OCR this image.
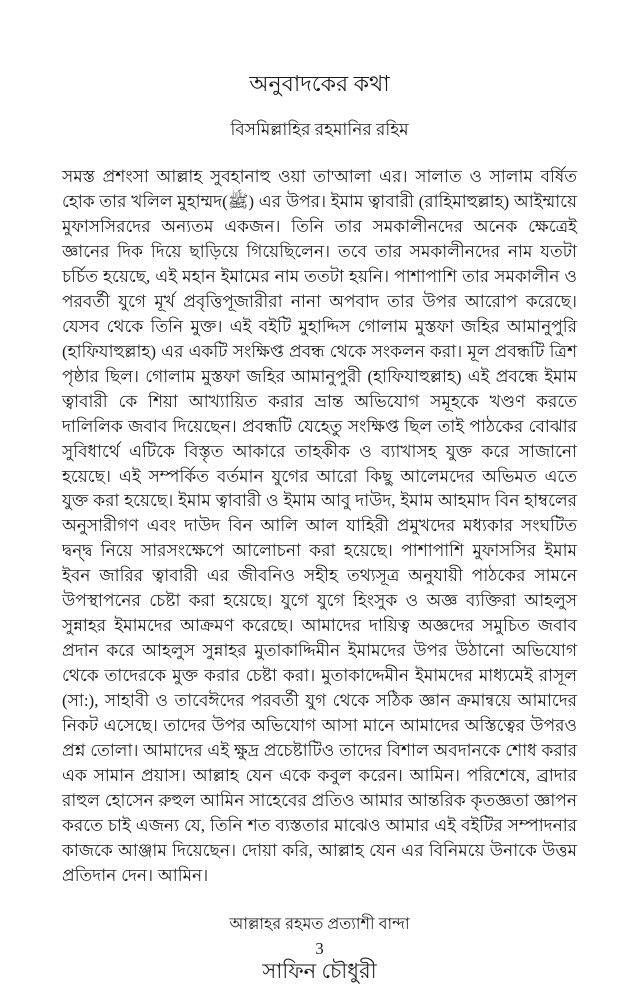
অনুবাদকের কথা
বিসমিল্লাহির রহমানির রহিম

সমস্ত প্রশংসা আল্লাহ সুবহানাহু ওয়া তা'আলা এর। সালাত ও সালাম বর্ষিত হোক তার খলিল মুহাম্মদ(ﷺ) এর উপর। ইমাম ত্বাবারী (রাহিমাহুল্লাহ) আইম্মায়ে মুফাসসিরদের অন্যতম একজন। তিনি তার সমকালীনদের অনেক ক্ষেত্রেই জ্ঞানের দিক দিয়ে ছাড়িয়ে গিয়েছিলেন। তবে তার সমকালীনদের নাম যতটা চর্চিত হয়েছে, এই মহান ইমামের নাম ততটা হয়নি। পাশাপাশি তার সমকালীন ও পরবর্তী যুগে মূর্খ প্রবৃত্তিপূজারীরা নানা অপবাদ তার উপর আরোপ করেছে। যেসব থেকে তিনি মুক্ত। এই বইটি মুহাদ্দিস গোলাম মুস্তফা জহির আমানুপুরি (হাফিযাহুল্লাহ) এর একটি সংক্ষিপ্ত প্রবন্ধ থেকে সংকলন করা। মূল প্রবন্ধটি ত্রিশ পৃষ্ঠার ছিল। গোলাম মুস্তফা জহির আমানুপুরী (হাফিযাহুল্লাহ) এই প্রবন্ধে ইমাম ত্বাবারী কে শিয়া আখ্যায়িত করার ভ্রান্ত অভিযোগ সমূহকে খণ্ডণ করতে দালিলিক জবাব দিয়েছেন। প্রবন্ধটি যেহেতু সংক্ষিপ্ত ছিল তাই পাঠকের বোঝার সুবিধার্থে এটিকে বিস্তৃত আকারে তাহকীক ও ব্যাখাসহ যুক্ত করে সাজানো হয়েছে। এই সম্পর্কিত বর্তমান যুগের আরো কিছু আলেমদের অভিমত এতে যুক্ত করা হয়েছে। ইমাম ত্বাবারী ও ইমাম আবু দাউদ, ইমাম আহমাদ বিন হাম্বলের অনুসারীগণ এবং দাউদ বিন আলি আল যাহিরী প্রমুখদের মধ্যকার সংঘটিত দ্বন্দ্ব নিয়ে সারসংক্ষেপে আলোচনা করা হয়েছে। পাশাপাশি মুফাসসির ইমাম ইবন জারির ত্বাবারী এর জীবনিও সহীহ তথ্যসূত্র অনুযায়ী পাঠকের সামনে উপস্থাপনের চেষ্টা করা হয়েছে। যুগে যুগে হিংসুক ও অজ্ঞ ব্যক্তিরা আহলুস সুন্নাহর ইমামদের আক্রমণ করেছে। আমাদের দায়িত্ব অজ্ঞদের সমুচিত জবাব প্রদান করে আহলুস সুন্নাহর মুতাকাদ্দিমীন ইমামদের উপর উঠানো অভিযোগ থেকে তাদেরকে মুক্ত করার চেষ্টা করা। মুতাকাদ্দেমীন ইমামদের মাধ্যমেই রাসূল (সা:), সাহাবী ও তাবেঈদের পরবর্তী যুগ থেকে সঠিক জ্ঞান ক্রমান্বয়ে আমাদের নিকট এসেছে। তাদের উপর অভিযোগ আসা মানে আমাদের অস্তিত্বের উপরও প্রশ্ন তোলা। আমাদের এই ক্ষুদ্র প্রচেষ্টাটিও তাদের বিশাল অবদানকে শোধ করার এক সামান প্রয়াস। আল্লাহ যেন একে কবুল করেন। আমিন। পরিশেষে, ব্রাদার রাহুল হোসেন রুহুল আমিন সাহেবের প্রতিও আমার আন্তরিক কৃতজ্ঞতা জ্ঞাপন করতে চাই এজন্য যে, তিনি শত ব্যস্ততার মাঝেও আমার এই বইটির সম্পাদনার কাজকে আঞ্জাম দিয়েছেন। দোয়া করি, আল্লাহ যেন এর বিনিময়ে উনাকে উত্তম প্রতিদান দেন। আমিন।

আল্লাহর রহমত প্রত্যাশী বান্দা
সাফিন চৌধুরী
3
